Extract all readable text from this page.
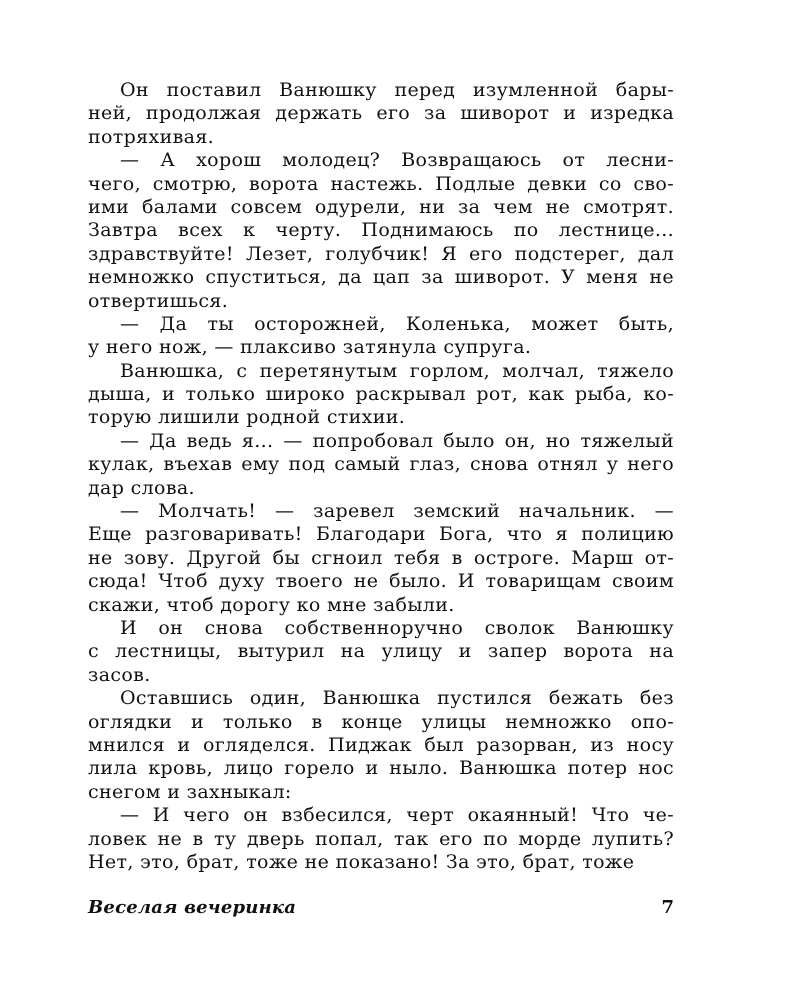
Он поставил Ванюшку перед изумленной бары-
ней, продолжая держать его за шиворот и изредка
потряхивая.
— А хорош молодец? Возвращаюсь от лесни-
чего, смотрю, ворота настежь. Подлые девки со сво-
ими балами совсем одурели, ни за чем не смотрят.
Завтра всех к черту. Поднимаюсь по лестнице...
здравствуйте! Лезет, голубчик! Я его подстерег, дал
немножко спуститься, да цап за шиворот. У меня не
отвертишься.
— Да ты осторожней, Коленька, может быть,
у него нож, — плаксиво затянула супруга.
Ванюшка, с перетянутым горлом, молчал, тяжело
дыша, и только широко раскрывал рот, как рыба, ко-
торую лишили родной стихии.
— Да ведь я... — попробовал было он, но тяжелый
кулак, въехав ему под самый глаз, снова отнял у него
дар слова.
— Молчать! — заревел земский начальник. —
Еще разговаривать! Благодари Бога, что я полицию
не зову. Другой бы сгноил тебя в остроге. Марш от-
сюда! Чтоб духу твоего не было. И товарищам своим
скажи, чтоб дорогу ко мне забыли.
И он снова собственноручно сволок Ванюшку
с лестницы, вытурил на улицу и запер ворота на
засов.
Оставшись один, Ванюшка пустился бежать без
оглядки и только в конце улицы немножко опо-
мнился и огляделся. Пиджак был разорван, из носу
лила кровь, лицо горело и ныло. Ванюшка потер нос
снегом и захныкал:
— И чего он взбесился, черт окаянный! Что че-
ловек не в ту дверь попал, так его по морде лупить?
Нет, это, брат, тоже не показано! За это, брат, тоже
Веселая вечеринка	7
